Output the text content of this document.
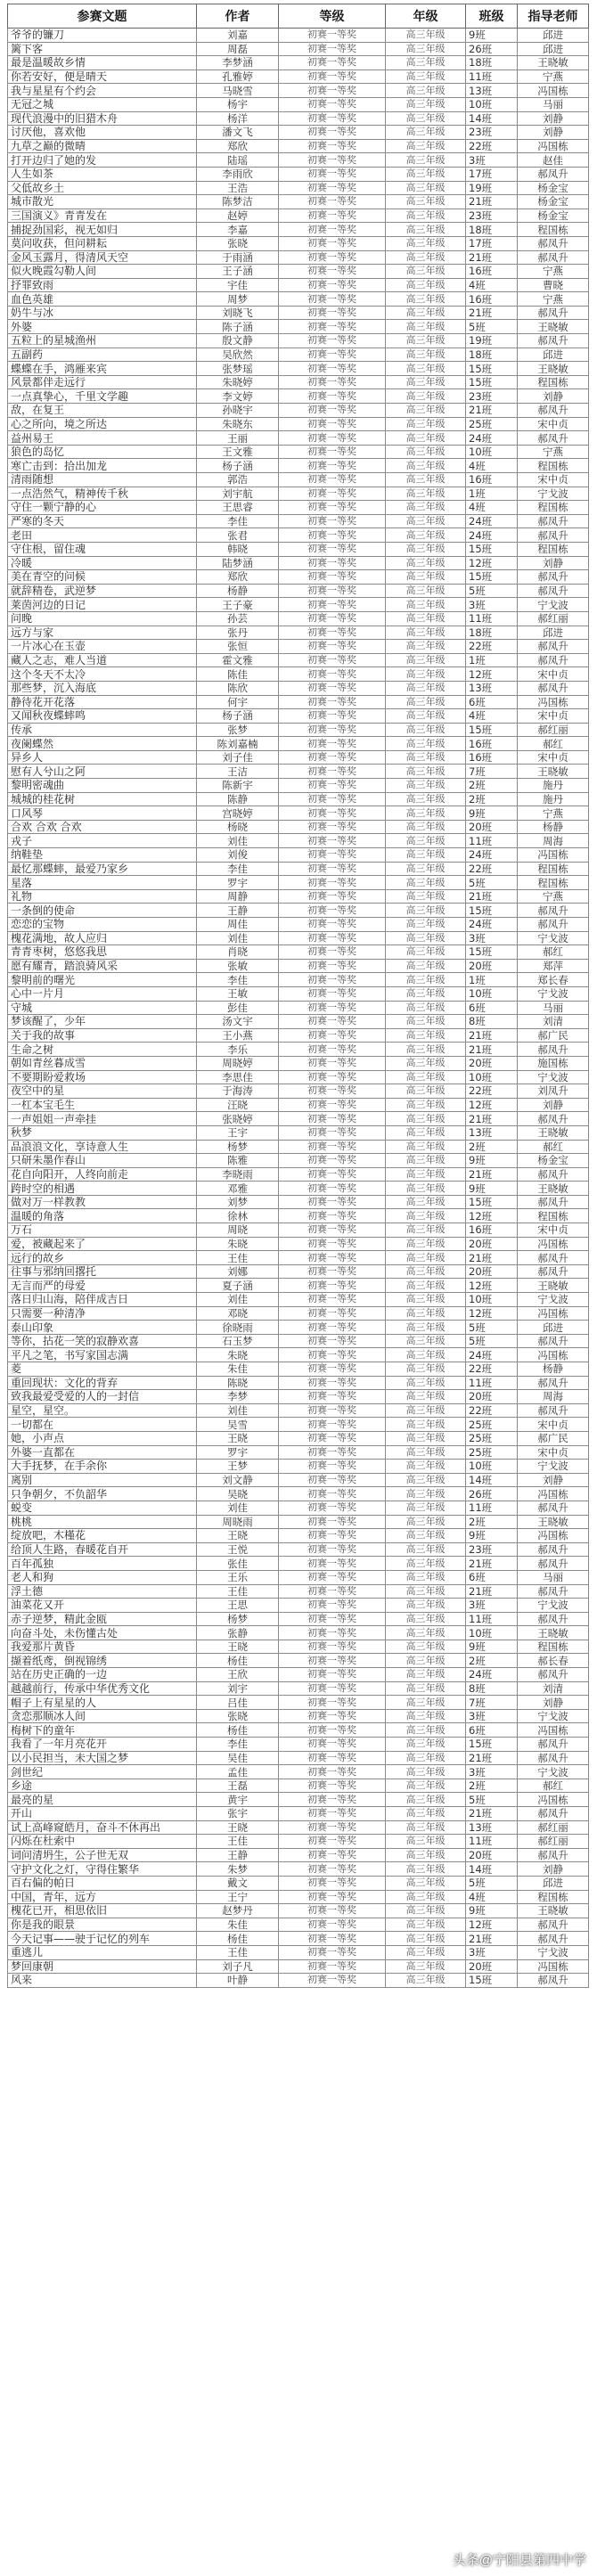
参赛文题	作者	等级	年级	班级	指导老师
爷爷的镰刀	刘嘉	初赛一等奖	高三年级	9班	邱进
篱下客	周磊	初赛一等奖	高三年级	26班	邱进
最是温暖故乡情	李梦涵	初赛一等奖	高三年级	18班	王晓敏
你若安好，便是晴天	孔雅婷	初赛一等奖	高三年级	11班	宁燕
我与星星有个约会	马晓雪	初赛一等奖	高三年级	13班	冯国栋
无冠之城	杨宇	初赛一等奖	高三年级	10班	马丽
现代浪漫中的旧猎木舟	杨洋	初赛一等奖	高三年级	14班	刘静
讨厌他，喜欢他	潘文飞	初赛一等奖	高三年级	23班	刘静
九草之巅的微晴	郑欣	初赛一等奖	高三年级	22班	冯国栋
打开边归了她的发	陆瑶	初赛一等奖	高三年级	3班	赵佳
人生如茶	李雨欣	初赛一等奖	高三年级	17班	郝凤升
父低故乡土	王浩	初赛一等奖	高三年级	19班	杨金宝
城市散光	陈梦洁	初赛一等奖	高三年级	21班	杨金宝
三国演义》青青发在	赵婷	初赛一等奖	高三年级	23班	杨金宝
捕捉劲国彩，视无如归	李嘉	初赛一等奖	高三年级	18班	程国栋
莫问收获，但问耕耘	张晓	初赛一等奖	高三年级	17班	郝凤升
金风玉露月，得清风天空	于雨涵	初赛一等奖	高三年级	21班	郝凤升
似火晚霞勾勒人间	王子涵	初赛一等奖	高三年级	16班	宁燕
抒罪致雨	宇佳	初赛一等奖	高三年级	4班	曹晓
血色英雄	周梦	初赛一等奖	高三年级	16班	宁燕
奶牛与冰	刘晓飞	初赛一等奖	高三年级	21班	郝凤升
外婆	陈子涵	初赛一等奖	高三年级	5班	王晓敏
五粒上的星城渔州	殷文静	初赛一等奖	高三年级	19班	郝凤升
五副药	吴欣然	初赛一等奖	高三年级	18班	邱进
蝶蝶在手，鸿雁来宾	张梦瑶	初赛一等奖	高三年级	15班	王晓敏
风景都伴走远行	朱晓婷	初赛一等奖	高三年级	15班	程国栋
一点真挚心，千里文学趣	李文婷	初赛一等奖	高三年级	23班	刘静
敌，在复王	孙晓宇	初赛一等奖	高三年级	21班	郝凤升
心之所向，境之所达	朱晓东	初赛一等奖	高三年级	25班	宋中贞
益州易王	王丽	初赛一等奖	高三年级	24班	郝凤升
狼色的岛忆	王文雅	初赛一等奖	高三年级	10班	宁燕
寒亡击到：拾出加龙	杨子涵	初赛一等奖	高三年级	4班	程国栋
清雨随想	郭浩	初赛一等奖	高三年级	16班	宋中贞
一点浩然气，精神传千秋	刘宇航	初赛一等奖	高三年级	1班	宁戈波
守住一颗宁静的心	王思睿	初赛一等奖	高三年级	4班	程国栋
严寒的冬天	李佳	初赛一等奖	高三年级	24班	郝凤升
老田	张君	初赛一等奖	高三年级	24班	郝凤升
守住根，留住魂	韩晓	初赛一等奖	高三年级	15班	程国栋
冷暖	陆梦涵	初赛一等奖	高三年级	12班	刘静
美在青空的问候	郑欣	初赛一等奖	高三年级	15班	郝凤升
就辞精卷，武逆梦	杨静	初赛一等奖	高三年级	5班	郝凤升
莱茵河边的日记	王子豪	初赛一等奖	高三年级	3班	宁戈波
问晚	孙芸	初赛一等奖	高三年级	11班	郝红丽
远方与家	张丹	初赛一等奖	高三年级	18班	邱进
一片冰心在玉壶	张恒	初赛一等奖	高三年级	22班	郝凤升
藏人之志，难人当道	霍文雅	初赛一等奖	高三年级	1班	郝凤升
这个冬天不太冷	陈佳	初赛一等奖	高三年级	12班	宋中贞
那些梦，沉入海底	陈欣	初赛一等奖	高三年级	13班	郝凤升
静待花开花落	何宇	初赛一等奖	高三年级	6班	冯国栋
又闻秋夜蝶蟀鸣	杨子涵	初赛一等奖	高三年级	4班	宋中贞
传承	张梦	初赛一等奖	高三年级	15班	郝红丽
夜阑蝶然	陈刘嘉楠	初赛一等奖	高三年级	16班	郝红
异乡人	刘子佳	初赛一等奖	高三年级	16班	宋中贞
慰有人兮山之阿	王洁	初赛一等奖	高三年级	7班	王晓敏
黎明密魂曲	陈新宇	初赛一等奖	高三年级	2班	施丹
城城的桂花树	陈静	初赛一等奖	高三年级	2班	施丹
口风琴	宫晓婷	初赛一等奖	高三年级	9班	宁燕
合欢 合欢 合欢	杨晓	初赛一等奖	高三年级	20班	杨静
戎子	刘佳	初赛一等奖	高三年级	11班	周海
纳鞋垫	刘俊	初赛一等奖	高三年级	24班	冯国栋
最忆那蝶蟀，最爱乃家乡	李佳	初赛一等奖	高三年级	22班	程国栋
星落	罗宇	初赛一等奖	高三年级	5班	程国栋
礼物	周静	初赛一等奖	高三年级	21班	宁燕
一条倒的使命	王静	初赛一等奖	高三年级	15班	郝凤升
恋恋的宝物	周佳	初赛一等奖	高三年级	24班	郝凤升
槐花满地，故人应归	刘佳	初赛一等奖	高三年级	3班	宁戈波
青青枣树，悠悠我思	肖晓	初赛一等奖	高三年级	15班	郝红
愿有耀青，踏浪骑风采	张敏	初赛一等奖	高三年级	20班	郑萍
黎明前的曙光	李佳	初赛一等奖	高三年级	1班	郑长春
心中一片月	王敏	初赛一等奖	高三年级	10班	宁戈波
守城	彭佳	初赛一等奖	高三年级	6班	马丽
梦该醒了，少年	汤文宇	初赛一等奖	高三年级	8班	刘清
关于我的故事	王小燕	初赛一等奖	高三年级	21班	郝广民
生命之树	李乐	初赛一等奖	高三年级	21班	郝凤升
朝如青丝暮成雪	周晓婷	初赛一等奖	高三年级	20班	施国栋
不要期盼爱救场	李思佳	初赛一等奖	高三年级	10班	宁戈波
夜空中的星	于海涛	初赛一等奖	高三年级	22班	刘凤升
一杠本宝毛生	汪晓	初赛一等奖	高三年级	12班	刘静
一声姐姐一声牵挂	张晓婷	初赛一等奖	高三年级	21班	郝凤升
秋梦	王宇	初赛一等奖	高三年级	13班	王晓敏
品浪浪文化，享诗意人生	杨梦	初赛一等奖	高三年级	2班	郝红
只研朱墨作春山	陈雅	初赛一等奖	高三年级	9班	杨金宝
花自向阳开，人终向前走	李晓雨	初赛一等奖	高三年级	21班	郝凤升
跨时空的相遇	邓雅	初赛一等奖	高三年级	9班	王晓敏
做对万一样教教	刘梦	初赛一等奖	高三年级	15班	郝凤升
温暖的角落	徐林	初赛一等奖	高三年级	12班	程国栋
万石	周晓	初赛一等奖	高三年级	16班	宋中贞
爱，被藏起来了	朱晓	初赛一等奖	高三年级	20班	冯国栋
远行的故乡	王佳	初赛一等奖	高三年级	21班	郝凤升
往事与邪纳回撂托	刘娜	初赛一等奖	高三年级	20班	郝凤升
无言而严的母爱	夏子涵	初赛一等奖	高三年级	12班	王晓敏
落日归山海，陪伴成吉日	刘佳	初赛一等奖	高三年级	10班	宁戈波
只需要一种清净	邓晓	初赛一等奖	高三年级	12班	冯国栋
泰山印象	徐晓雨	初赛一等奖	高三年级	5班	邱进
等你，拈花一笑的寂静欢喜	石玉梦	初赛一等奖	高三年级	5班	郝凤升
平凡之笔，书写家国志满	朱晓	初赛一等奖	高三年级	24班	冯国栋
菱	朱佳	初赛一等奖	高三年级	22班	杨静
重回现状：文化的背弃	陈晓	初赛一等奖	高三年级	11班	郝凤升
致我最爱受爱的人的一封信	李梦	初赛一等奖	高三年级	20班	周海
星空，星空。	刘佳	初赛一等奖	高三年级	22班	郝凤升
一切都在	吴雪	初赛一等奖	高三年级	25班	宋中贞
她，小声点	王晓	初赛一等奖	高三年级	25班	郝广民
外婆一直都在	罗宇	初赛一等奖	高三年级	25班	宋中贞
大手抚梦，在手余你	王梦	初赛一等奖	高三年级	10班	宁戈波
离别	刘文静	初赛一等奖	高三年级	14班	刘静
只争朝夕，不负韶华	吴晓	初赛一等奖	高三年级	26班	冯国栋
蜕变	刘佳	初赛一等奖	高三年级	11班	郝凤升
桃桃	周晓雨	初赛一等奖	高三年级	2班	王晓敏
绽放吧，木槿花	王晓	初赛一等奖	高三年级	9班	冯国栋
给顶人生路，春暖花自开	王悦	初赛一等奖	高三年级	23班	郝凤升
百年孤独	张佳	初赛一等奖	高三年级	21班	郝凤升
老人和狗	王乐	初赛一等奖	高三年级	6班	马丽
浮土德	王佳	初赛一等奖	高三年级	21班	郝凤升
油菜花又开	王思	初赛一等奖	高三年级	3班	宁戈波
赤子逆梦，精此金瓯	杨梦	初赛一等奖	高三年级	11班	郝凤升
向奋斗处，未伤懂古处	张静	初赛一等奖	高三年级	10班	王晓敏
我爱那片黄昏	王晓	初赛一等奖	高三年级	9班	程国栋
撷着纸鸢，倒视锦绣	杨佳	初赛一等奖	高三年级	2班	郝长春
站在历史正确的一边	王欣	初赛一等奖	高三年级	24班	郝凤升
越越前行，传承中华优秀文化	刘宇	初赛一等奖	高三年级	8班	刘清
帽子上有星星的人	吕佳	初赛一等奖	高三年级	7班	刘静
贪恋那顺冰人间	张晓	初赛一等奖	高三年级	3班	宁戈波
梅树下的童年	杨佳	初赛一等奖	高三年级	6班	冯国栋
我看了一年月亮花开	李佳	初赛一等奖	高三年级	15班	郝凤升
以小民担当，未大国之梦	吴佳	初赛一等奖	高三年级	21班	郝凤升
剑世纪	孟佳	初赛一等奖	高三年级	3班	宁戈波
乡途	王磊	初赛一等奖	高三年级	2班	郝红
最亮的星	黄宇	初赛一等奖	高三年级	5班	冯国栋
开山	张宇	初赛一等奖	高三年级	21班	郝凤升
试上高峰窥皓月，奋斗不休再出	王晓	初赛一等奖	高三年级	13班	郝红丽
闪烁在杜索中	王佳	初赛一等奖	高三年级	11班	郝红丽
词问清坍生，公子世无双	王静	初赛一等奖	高三年级	20班	郝凤升
守护文化之灯，守得住繁华	朱梦	初赛一等奖	高三年级	14班	刘静
百右偏的帕日	戴文	初赛一等奖	高三年级	5班	邱进
中国，青年，远方	王宁	初赛一等奖	高三年级	4班	程国栋
槐花已开，相思依旧	赵梦丹	初赛一等奖	高三年级	9班	王晓敏
你是我的眼景	朱佳	初赛一等奖	高三年级	12班	郝凤升
今天记事——驶于记忆的列车	杨佳	初赛一等奖	高三年级	21班	郝凤升
重逃儿	王佳	初赛一等奖	高三年级	3班	宁戈波
梦回康朝	刘子凡	初赛一等奖	高三年级	20班	冯国栋
风来	叶静	初赛一等奖	高三年级	15班	郝凤升
头条@宁阳县第四中学
